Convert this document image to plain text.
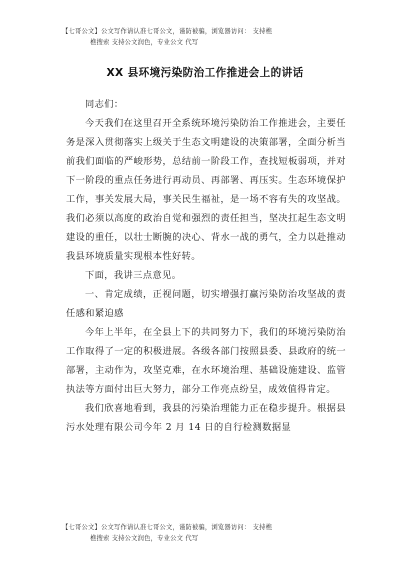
【七哥公文】公文写作请认准七哥公文，谨防被骗，浏览器访问： 支持樵
樵搜索 支持公文润色，专业公文 代写
XX 县环境污染防治工作推进会上的讲话

同志们：

今天我们在这里召开全系统环境污染防治工作推进会，主要任务是深入贯彻落实上级关于生态文明建设的决策部署，全面分析当前我们面临的严峻形势，总结前一阶段工作，查找短板弱项，并对下一阶段的重点任务进行再动员、再部署、再压实。生态环境保护工作，事关发展大局，事关民生福祉，是一场不容有失的攻坚战。我们必须以高度的政治自觉和强烈的责任担当，坚决扛起生态文明建设的重任，以壮士断腕的决心、背水一战的勇气，全力以赴推动我县环境质量实现根本性好转。

下面，我讲三点意见。

一、肯定成绩，正视问题，切实增强打赢污染防治攻坚战的责任感和紧迫感

今年上半年，在全县上下的共同努力下，我们的环境污染防治工作取得了一定的积极进展。各级各部门按照县委、县政府的统一部署，主动作为，攻坚克难，在水环境治理、基础设施建设、监管执法等方面付出巨大努力，部分工作亮点纷呈，成效值得肯定。

我们欣喜地看到，我县的污染治理能力正在稳步提升。根据县污水处理有限公司今年 2 月 14 日的自行检测数据显

【七哥公文】公文写作请认准七哥公文，谨防被骗，浏览器访问： 支持樵
樵搜索 支持公文润色，专业公文 代写
